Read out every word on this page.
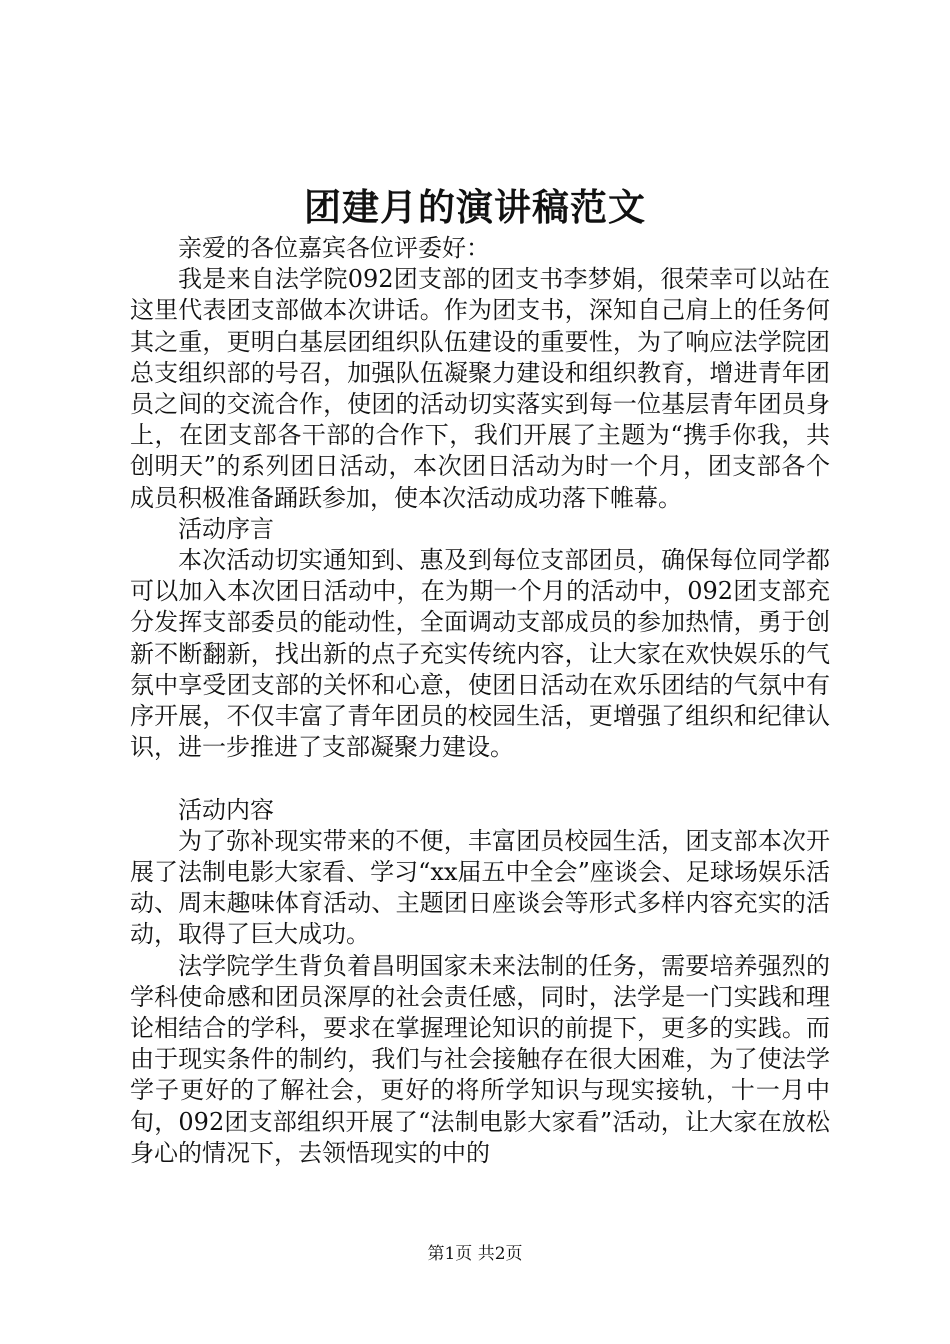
团建月的演讲稿范文

亲爱的各位嘉宾各位评委好：

我是来自法学院092团支部的团支书李梦娟，很荣幸可以站在这里代表团支部做本次讲话。作为团支书，深知自己肩上的任务何其之重，更明白基层团组织队伍建设的重要性，为了响应法学院团总支组织部的号召，加强队伍凝聚力建设和组织教育，增进青年团员之间的交流合作，使团的活动切实落实到每一位基层青年团员身上，在团支部各干部的合作下，我们开展了主题为“携手你我，共创明天”的系列团日活动，本次团日活动为时一个月，团支部各个成员积极准备踊跃参加，使本次活动成功落下帷幕。

活动序言

本次活动切实通知到、惠及到每位支部团员，确保每位同学都可以加入本次团日活动中，在为期一个月的活动中，092团支部充分发挥支部委员的能动性，全面调动支部成员的参加热情，勇于创新不断翻新，找出新的点子充实传统内容，让大家在欢快娱乐的气氛中享受团支部的关怀和心意，使团日活动在欢乐团结的气氛中有序开展，不仅丰富了青年团员的校园生活，更增强了组织和纪律认识，进一步推进了支部凝聚力建设。

活动内容

为了弥补现实带来的不便，丰富团员校园生活，团支部本次开展了法制电影大家看、学习“xx届五中全会”座谈会、足球场娱乐活动、周末趣味体育活动、主题团日座谈会等形式多样内容充实的活动，取得了巨大成功。

法学院学生背负着昌明国家未来法制的任务，需要培养强烈的学科使命感和团员深厚的社会责任感，同时，法学是一门实践和理论相结合的学科，要求在掌握理论知识的前提下，更多的实践。而由于现实条件的制约，我们与社会接触存在很大困难，为了使法学学子更好的了解社会，更好的将所学知识与现实接轨，十一月中旬，092团支部组织开展了“法制电影大家看”活动，让大家在放松身心的情况下，去领悟现实的中的

第1页 共2页
